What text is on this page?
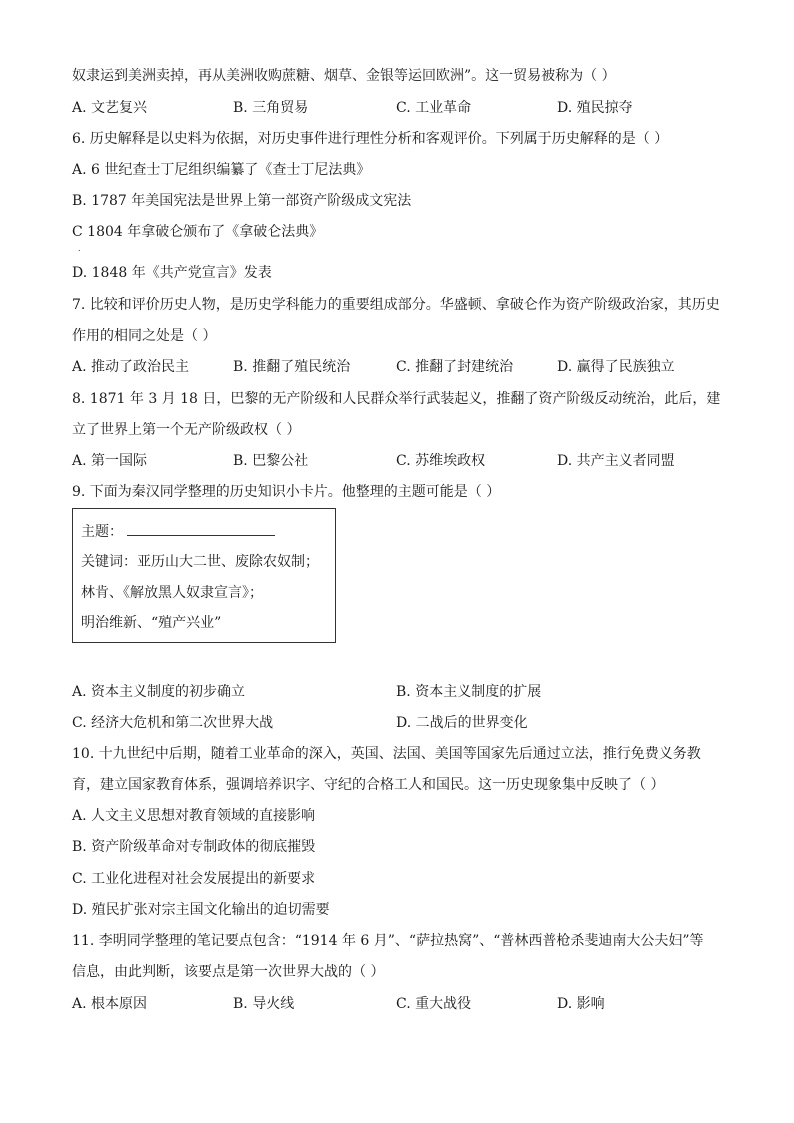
奴隶运到美洲卖掉，再从美洲收购蔗糖、烟草、金银等运回欧洲”。这一贸易被称为（ ）
A. 文艺复兴	B. 三角贸易	C. 工业革命	D. 殖民掠夺
6. 历史解释是以史料为依据，对历史事件进行理性分析和客观评价。下列属于历史解释的是（ ）
A. 6 世纪查士丁尼组织编纂了《查士丁尼法典》
B. 1787 年美国宪法是世界上第一部资产阶级成文宪法
C 1804 年拿破仑颁布了《拿破仑法典》
.
D. 1848 年《共产党宣言》发表
7. 比较和评价历史人物，是历史学科能力的重要组成部分。华盛顿、拿破仑作为资产阶级政治家，其历史
作用的相同之处是（ ）
A. 推动了政治民主	B. 推翻了殖民统治	C. 推翻了封建统治	D. 赢得了民族独立
8. 1871 年 3 月 18 日，巴黎的无产阶级和人民群众举行武装起义，推翻了资产阶级反动统治，此后，建
立了世界上第一个无产阶级政权（ ）
A. 第一国际	B. 巴黎公社	C. 苏维埃政权	D. 共产主义者同盟
9. 下面为秦汉同学整理的历史知识小卡片。他整理的主题可能是（ ）
主题：
关键词：亚历山大二世、废除农奴制；
林肯、《解放黑人奴隶宣言》；
明治维新、“殖产兴业”
A. 资本主义制度的初步确立	B. 资本主义制度的扩展
C. 经济大危机和第二次世界大战	D. 二战后的世界变化
10. 十九世纪中后期，随着工业革命的深入，英国、法国、美国等国家先后通过立法，推行免费义务教
育，建立国家教育体系，强调培养识字、守纪的合格工人和国民。这一历史现象集中反映了（ ）
A. 人文主义思想对教育领域的直接影响
B. 资产阶级革命对专制政体的彻底摧毁
C. 工业化进程对社会发展提出的新要求
D. 殖民扩张对宗主国文化输出的迫切需要
11. 李明同学整理的笔记要点包含：“1914 年 6 月”、“萨拉热窝”、“普林西普枪杀斐迪南大公夫妇”等
信息，由此判断，该要点是第一次世界大战的（ ）
A. 根本原因	B. 导火线	C. 重大战役	D. 影响
